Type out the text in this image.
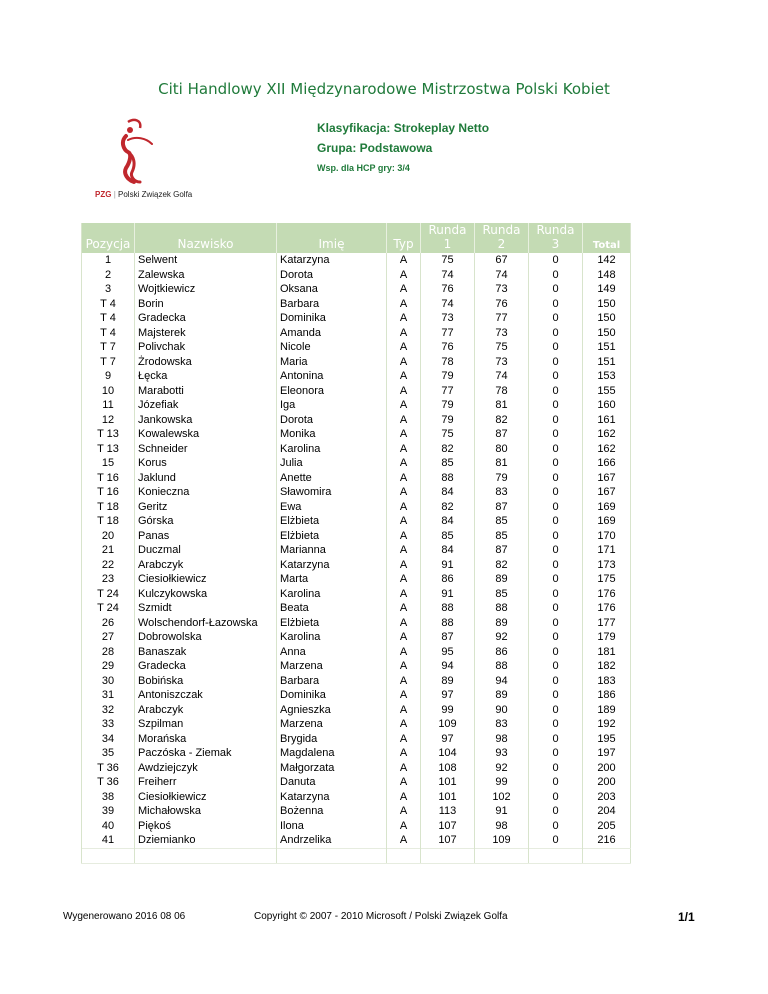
Citi Handlowy XII Międzynarodowe Mistrzostwa Polski Kobiet
PZG | Polski Związek Golfa
Klasyfikacja: Strokeplay Netto
Grupa: Podstawowa
Wsp. dla HCP gry: 3/4
Pozycja	Nazwisko	Imię	Typ	Runda 1	Runda 2	Runda 3	Total
1	Selwent	Katarzyna	A	75	67	0	142
2	Zalewska	Dorota	A	74	74	0	148
3	Wojtkiewicz	Oksana	A	76	73	0	149
T 4	Borin	Barbara	A	74	76	0	150
T 4	Gradecka	Dominika	A	73	77	0	150
T 4	Majsterek	Amanda	A	77	73	0	150
T 7	Polivchak	Nicole	A	76	75	0	151
T 7	Żrodowska	Maria	A	78	73	0	151
9	Łęcka	Antonina	A	79	74	0	153
10	Marabotti	Eleonora	A	77	78	0	155
11	Józefiak	Iga	A	79	81	0	160
12	Jankowska	Dorota	A	79	82	0	161
T 13	Kowalewska	Monika	A	75	87	0	162
T 13	Schneider	Karolina	A	82	80	0	162
15	Korus	Julia	A	85	81	0	166
T 16	Jaklund	Anette	A	88	79	0	167
T 16	Konieczna	Sławomira	A	84	83	0	167
T 18	Geritz	Ewa	A	82	87	0	169
T 18	Górska	Elżbieta	A	84	85	0	169
20	Panas	Elżbieta	A	85	85	0	170
21	Duczmal	Marianna	A	84	87	0	171
22	Arabczyk	Katarzyna	A	91	82	0	173
23	Ciesiołkiewicz	Marta	A	86	89	0	175
T 24	Kulczykowska	Karolina	A	91	85	0	176
T 24	Szmidt	Beata	A	88	88	0	176
26	Wolschendorf-Łazowska	Elżbieta	A	88	89	0	177
27	Dobrowolska	Karolina	A	87	92	0	179
28	Banaszak	Anna	A	95	86	0	181
29	Gradecka	Marzena	A	94	88	0	182
30	Bobińska	Barbara	A	89	94	0	183
31	Antoniszczak	Dominika	A	97	89	0	186
32	Arabczyk	Agnieszka	A	99	90	0	189
33	Szpilman	Marzena	A	109	83	0	192
34	Morańska	Brygida	A	97	98	0	195
35	Paczóska - Ziemak	Magdalena	A	104	93	0	197
T 36	Awdziejczyk	Małgorzata	A	108	92	0	200
T 36	Freiherr	Danuta	A	101	99	0	200
38	Ciesiołkiewicz	Katarzyna	A	101	102	0	203
39	Michałowska	Bożenna	A	113	91	0	204
40	Piękoś	Ilona	A	107	98	0	205
41	Dziemianko	Andrzelika	A	107	109	0	216

Wygenerowano 2016 08 06	Copyright © 2007 - 2010 Microsoft / Polski Związek Golfa	1/1
